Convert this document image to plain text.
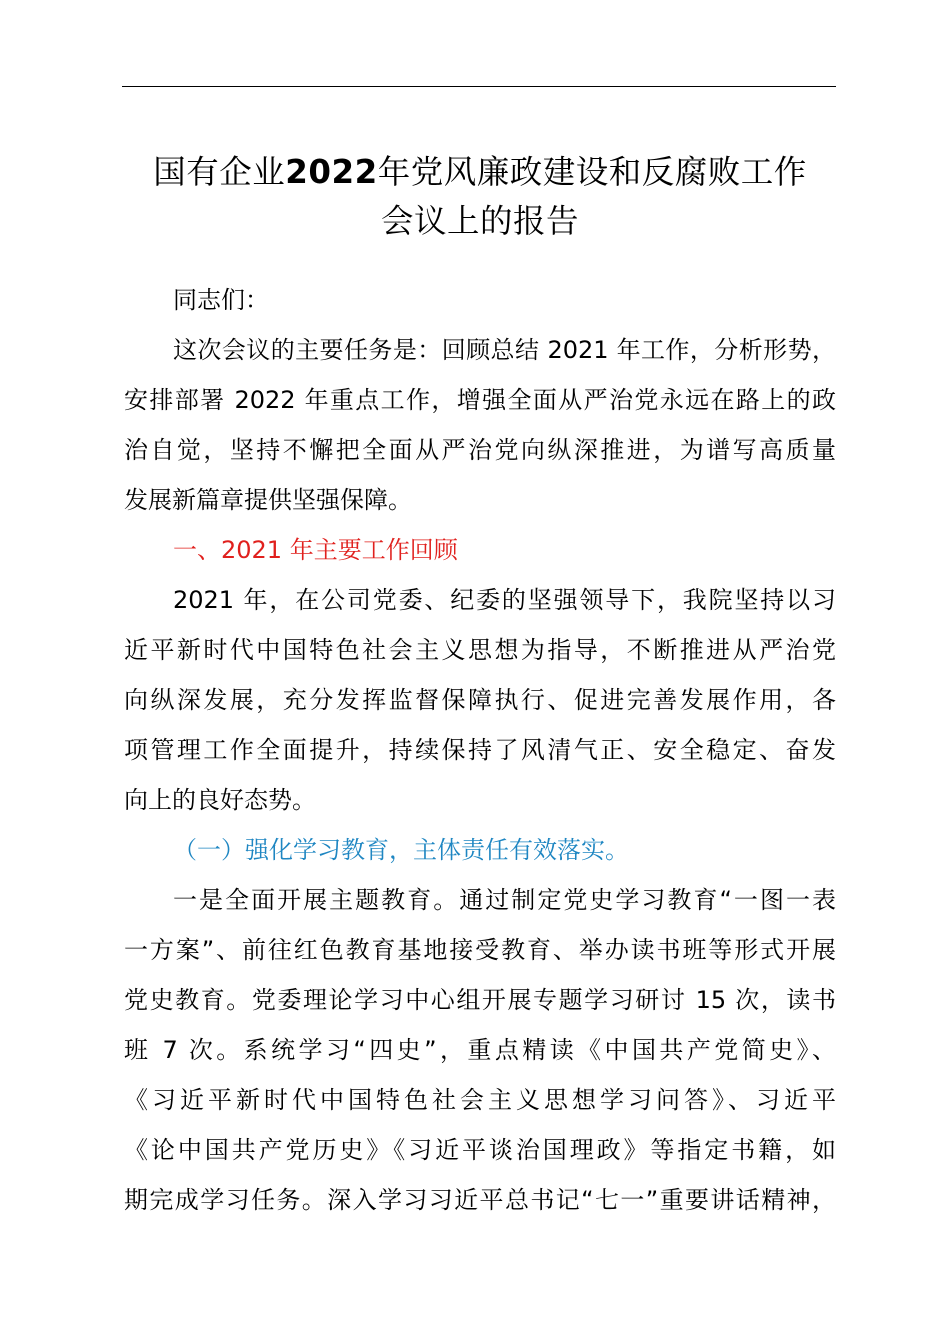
国有企业2022年党风廉政建设和反腐败工作
会议上的报告
同志们：
这次会议的主要任务是：回顾总结 2021 年工作，分析形势，
安排部署 2022 年重点工作，增强全面从严治党永远在路上的政
治自觉，坚持不懈把全面从严治党向纵深推进，为谱写高质量
发展新篇章提供坚强保障。
一、2021 年主要工作回顾
2021 年，在公司党委、纪委的坚强领导下，我院坚持以习
近平新时代中国特色社会主义思想为指导，不断推进从严治党
向纵深发展，充分发挥监督保障执行、促进完善发展作用，各
项管理工作全面提升，持续保持了风清气正、安全稳定、奋发
向上的良好态势。
（一）强化学习教育，主体责任有效落实。
一是全面开展主题教育。通过制定党史学习教育“一图一表
一方案”、前往红色教育基地接受教育、举办读书班等形式开展
党史教育。党委理论学习中心组开展专题学习研讨 15 次，读书
班 7 次。系统学习“四史”，重点精读《中国共产党简史》、
《习近平新时代中国特色社会主义思想学习问答》、习近平
《论中国共产党历史》《习近平谈治国理政》等指定书籍，如
期完成学习任务。深入学习习近平总书记“七一”重要讲话精神，
